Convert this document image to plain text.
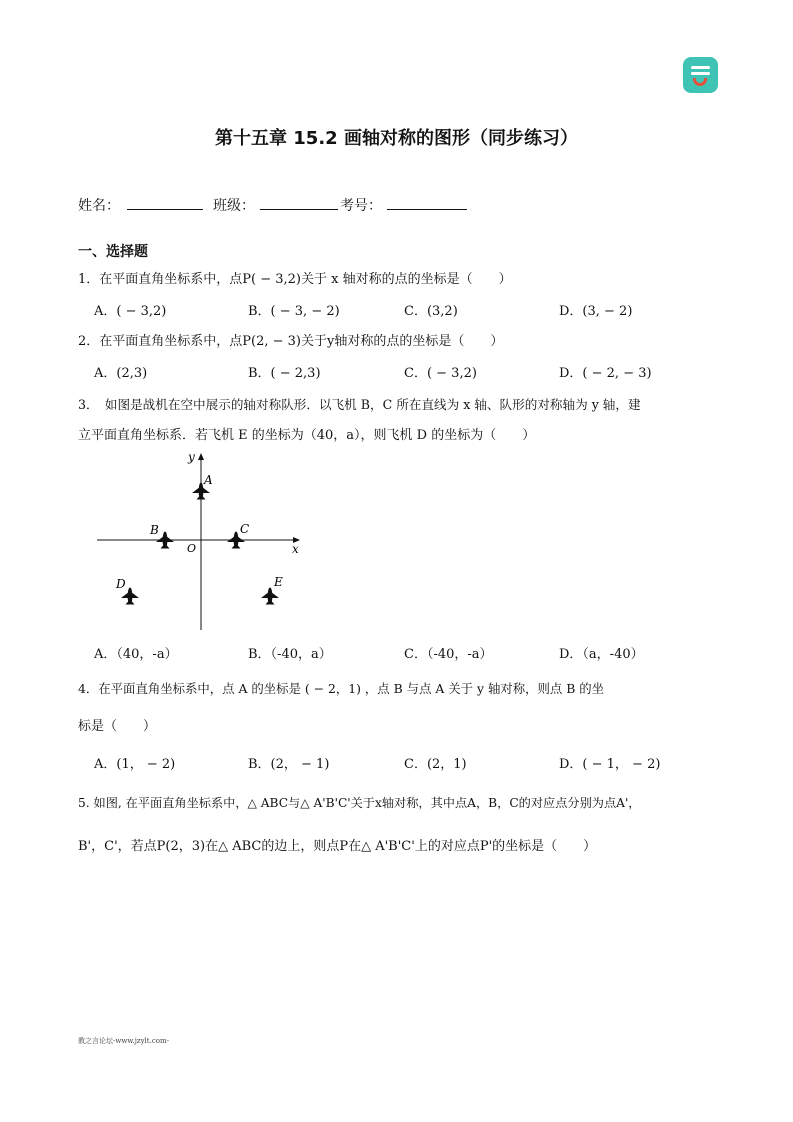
第十五章 15.2 画轴对称的图形（同步练习）
姓名：	班级：	考号：
一、选择题
1．在平面直角坐标系中，点P( − 3,2)关于 x 轴对称的点的坐标是（　　）
A．( − 3,2)	B．( − 3, − 2)	C．(3,2)	D．(3, − 2)
2．在平面直角坐标系中，点P(2, − 3)关于y轴对称的点的坐标是（　　）
A．(2,3)	B．( − 2,3)	C．( − 3,2)	D．( − 2, − 3)
3．　如图是战机在空中展示的轴对称队形．以飞机 B，C 所在直线为 x 轴、队形的对称轴为 y 轴，建
立平面直角坐标系．若飞机 E 的坐标为（40，a），则飞机 D 的坐标为（　　）
x
y
O
A
B	C
D	E
A．（40，-a）	B．（-40，a）	C．（-40，-a）	D．（a，-40）
4．在平面直角坐标系中，点 A 的坐标是 ( − 2，1) ，点 B 与点 A 关于 y 轴对称，则点 B 的坐
标是（　　）
A．(1， − 2)	B．(2， − 1)	C．(2，1)	D．( − 1， − 2)
5. 如图, 在平面直角坐标系中，△ ABC与△ A'B'C'关于x轴对称，其中点A，B，C的对应点分别为点A'，
B'，C'，若点P(2，3)在△ ABC的边上，则点P在△ A'B'C'上的对应点P'的坐标是（　　）
教之言论坛-www.jzylt.com-
